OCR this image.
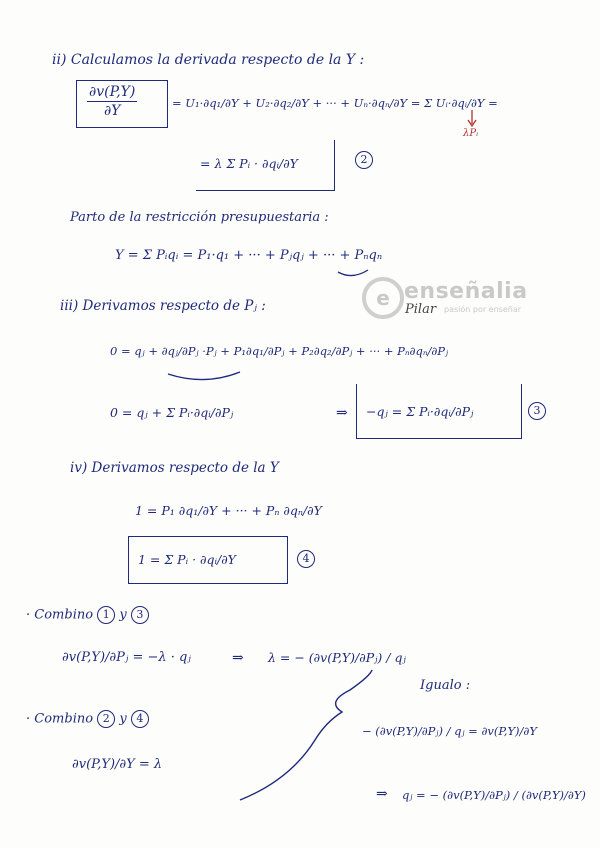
e enseñalia
pasión por enseñar
Pilar
ii) Calculamos la derivada respecto de la Y :
$\frac{\partial v(P,Y)}{\partial Y}$	= U₁·∂q₁/∂Y + U₂·∂q₂/∂Y + ··· + Uₙ·∂qₙ/∂Y = Σ Uᵢ·∂qᵢ/∂Y =
λPᵢ
= λ Σ Pᵢ · ∂qᵢ/∂Y	2
Parto de la restricción presupuestaria :
Y = Σ Pᵢqᵢ = P₁·q₁ + ··· + Pⱼqⱼ + ··· + Pₙqₙ
iii) Derivamos respecto de Pⱼ :
0 = qⱼ + ∂qⱼ/∂Pⱼ ·Pⱼ + P₁∂q₁/∂Pⱼ + P₂∂q₂/∂Pⱼ + ··· + Pₙ∂qₙ/∂Pⱼ
0 = qⱼ + Σ Pᵢ·∂qᵢ/∂Pⱼ	⇒ −qⱼ = Σ Pᵢ·∂qᵢ/∂Pⱼ	3
iv) Derivamos respecto de la Y
1 = P₁ ∂q₁/∂Y + ··· + Pₙ ∂qₙ/∂Y
1 = Σ Pᵢ · ∂qᵢ/∂Y	4
· Combino 1 y 3
∂v(P,Y)/∂Pⱼ = −λ · qⱼ	⇒ λ = − (∂v(P,Y)/∂Pⱼ) / qⱼ
· Combino 2 y 4
∂v(P,Y)/∂Y = λ
Igualo :
− (∂v(P,Y)/∂Pⱼ) / qⱼ = ∂v(P,Y)/∂Y
⇒ qⱼ = − (∂v(P,Y)/∂Pⱼ) / (∂v(P,Y)/∂Y)
